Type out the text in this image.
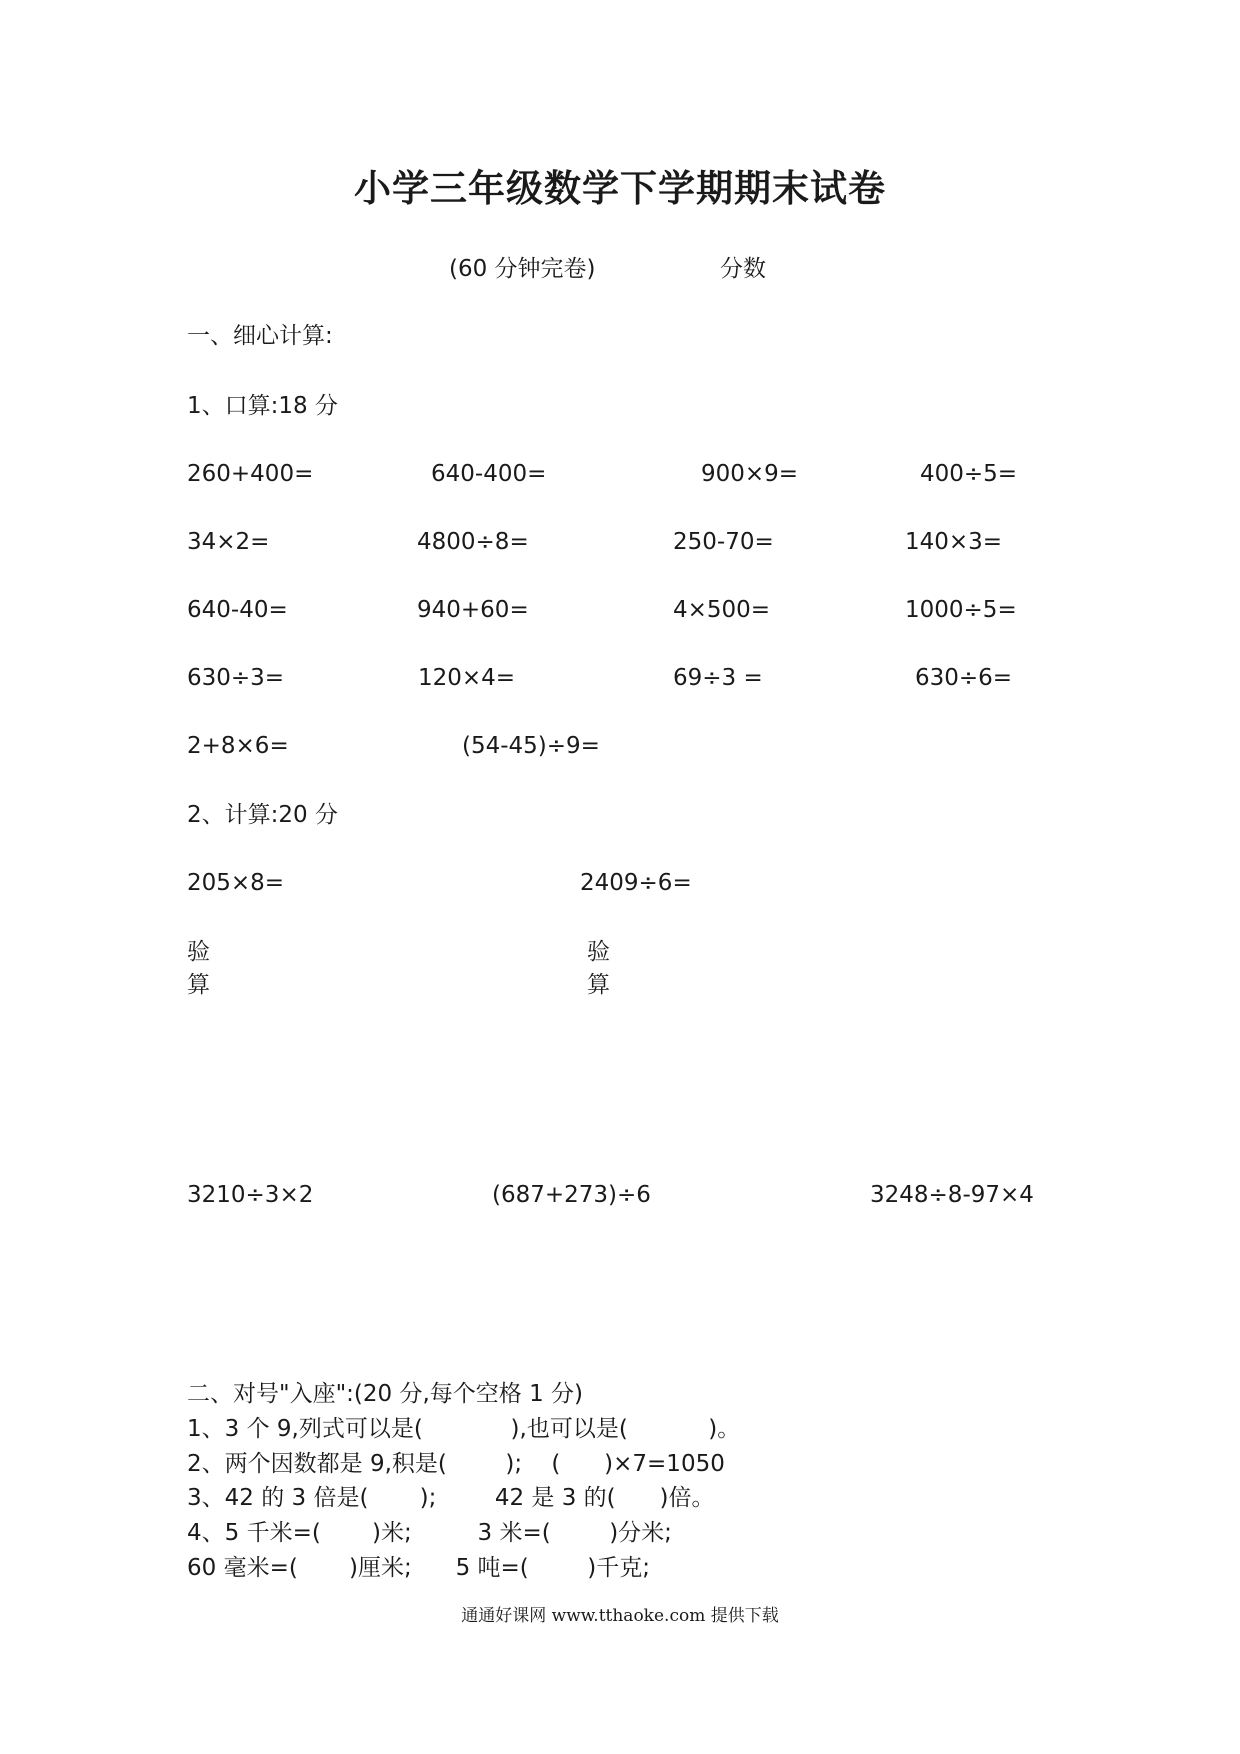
小学三年级数学下学期期末试卷
(60 分钟完卷)	分数
一、细心计算:
1、口算:18 分
260+400=	640-400=	900×9=	400÷5=
34×2=	4800÷8=	250-70=	140×3=
640-40=	940+60=	4×500=	1000÷5=
630÷3=	120×4=	69÷3 =	630÷6=
2+8×6=	(54-45)÷9=
2、计算:20 分
205×8=	2409÷6=
验
算
验
算
3210÷3×2	(687+273)÷6	3248÷8-97×4
二、对号"入座":(20 分,每个空格 1 分)
1、3 个 9,列式可以是(            ),也可以是(           )。
2、两个因数都是 9,积是(        );    (      )×7=1050
3、42 的 3 倍是(       );        42 是 3 的(      )倍。
4、5 千米=(       )米;         3 米=(        )分米;
60 毫米=(       )厘米;      5 吨=(        )千克;
通通好课网 www.tthaoke.com 提供下载
